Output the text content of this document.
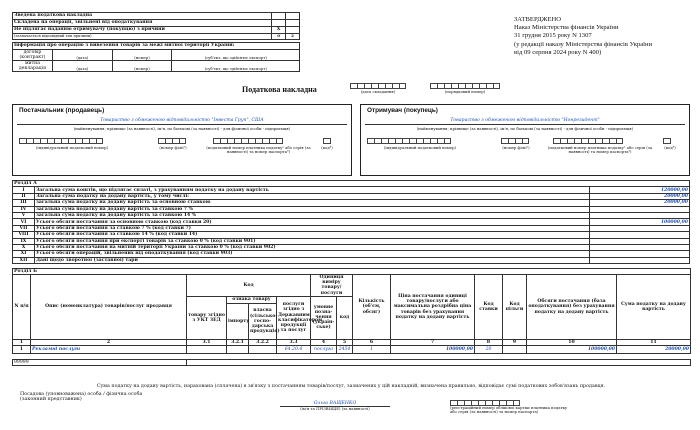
Зведена податкова накладна		
Складена на операції, звільнені від оподаткування		
Не підлягає наданню отримувачу (покупцю) з причини	X	
(зазначається відповідний тип причини)	0	2
Інформація про операцію з вивезення товарів за межі митної території України:
договір (контракт)	(дата)	(номер)	(суб'єкт, що здійснює експорт)
митна декларація	(дата)	(номер)	(суб'єкт, що здійснює експорт)
ЗАТВЕРДЖЕНО
Наказ Міністерства фінансів України
31 грудня 2015 року N 1307
(у редакції наказу Міністерства фінансів України
від 09 серпня 2024 року N 400)
Податкова накладна	(дата складання)	(порядковий номер)
Постачальник (продавець)
Товариство з обмеженою відповідальністю "Інвеста Груп", США
(найменування; прізвище (за наявності), ім'я, по батькові (за наявності) - для фізичної особи - підприємця)
(індивідуальний податковий номер)	(номер філії¹)	(податковий номер платника податку² або серія (за наявності) та номер паспорта³)
(код⁴)
Отримувач (покупець)
Товариство з обмеженою відповідальністю "Нонрезидент"
(найменування; прізвище (за наявності), ім'я, по батькові (за наявності) - для фізичної особи - підприємця)
(індивідуальний податковий номер)	(номер філії¹)	(податковий номер платника податку² або серія (за наявності) та номер паспорта³)
(код⁴)
Розділ А		
I	Загальна сума коштів, що підлягає сплаті, з урахуванням податку на додану вартість	120000,00
II	Загальна сума податку на додану вартість, у тому числі:	20000,00
III	загальна сума податку на додану вартість за основною ставкою	20000,00
IV	загальна сума податку на додану вартість за ставкою 7 %	
V	загальна сума податку на додану вартість за ставкою 14 %	
VI	Усього обсяги постачання за основною ставкою (код ставки 20)	100000,00
VII	Усього обсяги постачання за ставкою 7 % (код ставки 7)	
VIII	Усього обсяги постачання за ставкою 14 % (код ставки 14)	
IX	Усього обсяги постачання при експорті товарів за ставкою 0 % (код ставки 901)	
X	Усього обсяги постачання на митній території України за ставкою 0 % (код ставки 902)	
XI	Усього обсяги операцій, звільнених від оподаткування (код ставки 903)	
XII	Дані щодо зворотної (заставної) тари	
Розділ Б													
N п/п	Опис (номенклатура) товарів/послуг продавця	Код				Одиниця виміру товару/послуги		Кількість (об'єм, обсяг)	Ціна постачання одиниці товару/послуги або максимальна роздрібна ціна товарів без урахування податку на додану вартість	Код ставки	Код пільги	Обсяги постачання (база оподаткування) без урахування податку на додану вартість	Сума податку на додану вартість
		товару згідно з УКТ ЗЕД	ознака товару		послуги згідно з Державним класифікатором продукції та послуг	умовне позна-чення (україн-ське)	код						
			імпорту	власна (сільсько-госпо-дарська продукція)									

1	2	3.1	3.2.1	3.2.2	3.3	4	5	6	7	8	9	10	11
1	Рекламні послуги				64.20.4	послуга	2454	1	100000,00	20		100000,00	20000,00

99999													
Сума податку на додану вартість, нарахована (сплачена) в зв'язку з постачанням товарів/послуг, зазначених у цій накладній, визначена правильно, відповідає сумі податкових зобов'язань продавця.
Посадова (уповноважена) особа / фізична особа
(законний представник)
Ольга ВАЩЕНКО
(ім'я та ПРІЗВИЩЕ) (за наявності)	(реєстраційний номер облікової картки платника податку
або серія (за наявності) та номер паспорта)
